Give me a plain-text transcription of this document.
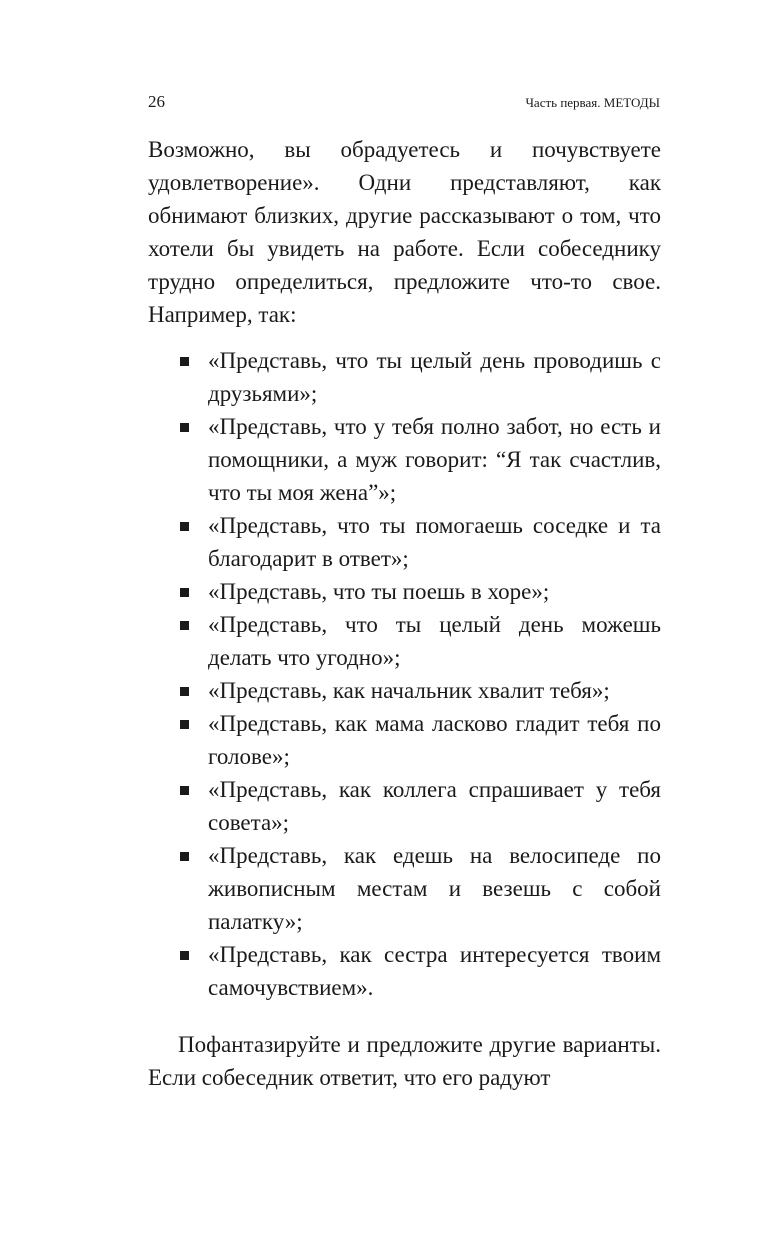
26	Часть первая. МЕТОДЫ

Возможно, вы обрадуетесь и почувствуете удовлетворение». Одни представляют, как обнимают близких, другие рассказывают о том, что хотели бы увидеть на работе. Если собеседнику трудно определиться, предложите что-то свое. Например, так:

«Представь, что ты целый день проводишь с друзьями»;
«Представь, что у тебя полно забот, но есть и помощники, а муж говорит: “Я так счастлив, что ты моя жена”»;
«Представь, что ты помогаешь соседке и та благодарит в ответ»;
«Представь, что ты поешь в хоре»;
«Представь, что ты целый день можешь делать что угодно»;
«Представь, как начальник хвалит тебя»;
«Представь, как мама ласково гладит тебя по голове»;
«Представь, как коллега спрашивает у тебя совета»;
«Представь, как едешь на велосипеде по живописным местам и везешь с собой палатку»;
«Представь, как сестра интересуется твоим самочувствием».

Пофантазируйте и предложите другие варианты. Если собеседник ответит, что его радуют
